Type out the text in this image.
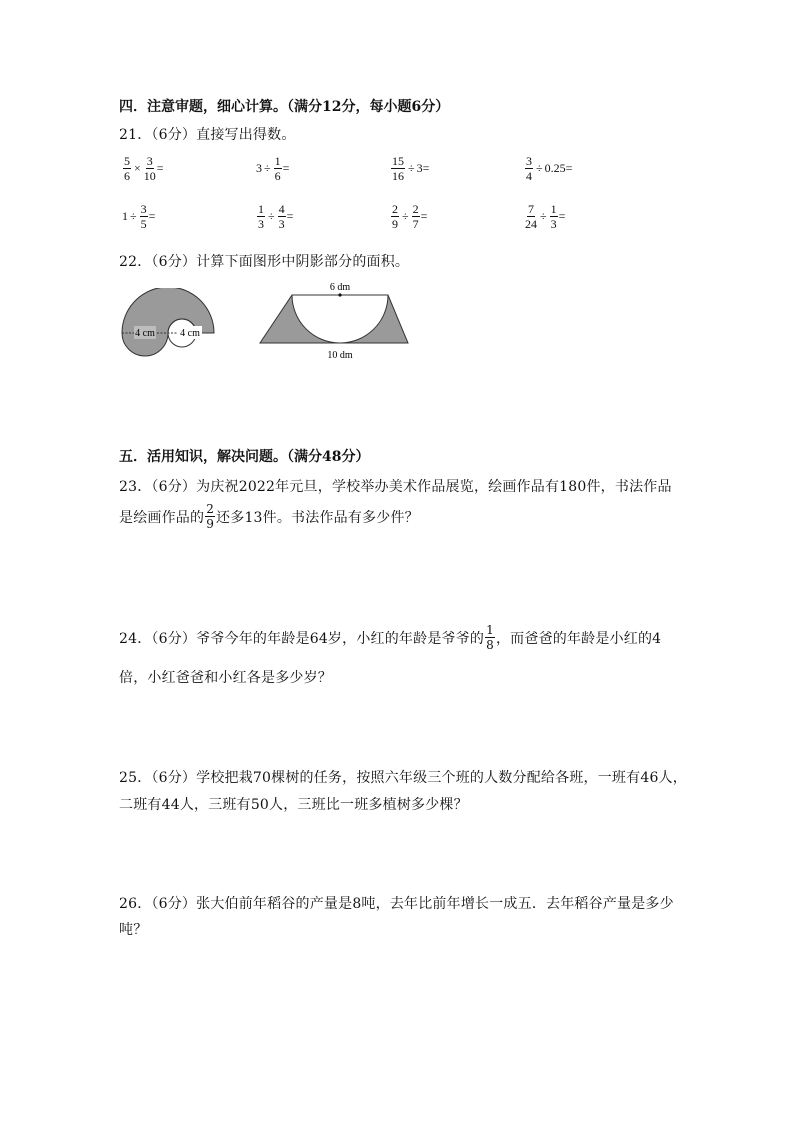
四．注意审题，细心计算。（满分12分，每小题6分）
21．（6分）直接写出得数。
$\frac{5}{6} \times \frac{3}{10}$ =	$3 \div \frac{1}{6}$ =	$\frac{15}{16} \div 3$ =	$\frac{3}{4} \div 0.25$ =
$1 \div \frac{3}{5}$ =	$\frac{1}{3} \div \frac{4}{3}$ =	$\frac{2}{9} \div \frac{2}{7}$ =	$\frac{7}{24} \div \frac{1}{3}$ =
22．（6分）计算下面图形中阴影部分的面积。
4 cm	4 cm
6 dm
10 dm
五．活用知识，解决问题。（满分48分）
23．（6分）为庆祝2022年元旦，学校举办美术作品展览，绘画作品有180件，书法作品
是绘画作品的 $\frac{2}{9}$ 还多13件。书法作品有多少件？
24．（6分）爷爷今年的年龄是64岁，小红的年龄是爷爷的 $\frac{1}{8}$ ，而爸爸的年龄是小红的4
倍，小红爸爸和小红各是多少岁？
25．（6分）学校把栽70棵树的任务，按照六年级三个班的人数分配给各班，一班有46人，
二班有44人，三班有50人，三班比一班多植树多少棵？
26．（6分）张大伯前年稻谷的产量是8吨，去年比前年增长一成五．去年稻谷产量是多少
吨？
